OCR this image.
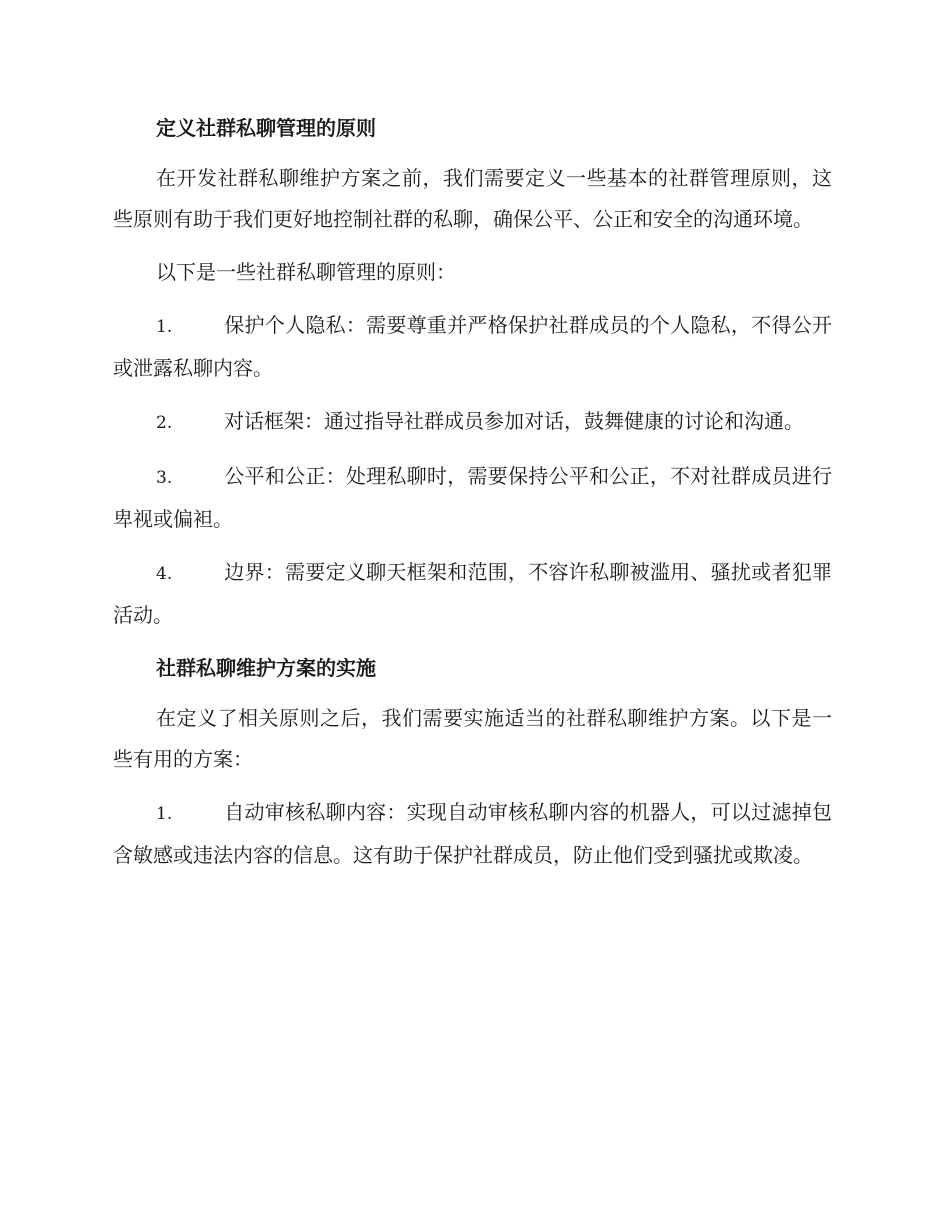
定义社群私聊管理的原则

在开发社群私聊维护方案之前，我们需要定义一些基本的社群管理原则，这些原则有助于我们更好地控制社群的私聊，确保公平、公正和安全的沟通环境。

以下是一些社群私聊管理的原则：

1.	保护个人隐私：需要尊重并严格保护社群成员的个人隐私，不得公开或泄露私聊内容。

2.	对话框架：通过指导社群成员参加对话，鼓舞健康的讨论和沟通。

3.	公平和公正：处理私聊时，需要保持公平和公正，不对社群成员进行卑视或偏袒。

4.	边界：需要定义聊天框架和范围，不容许私聊被滥用、骚扰或者犯罪活动。

社群私聊维护方案的实施

在定义了相关原则之后，我们需要实施适当的社群私聊维护方案。以下是一些有用的方案：

1.	自动审核私聊内容：实现自动审核私聊内容的机器人，可以过滤掉包含敏感或违法内容的信息。这有助于保护社群成员，防止他们受到骚扰或欺凌。
